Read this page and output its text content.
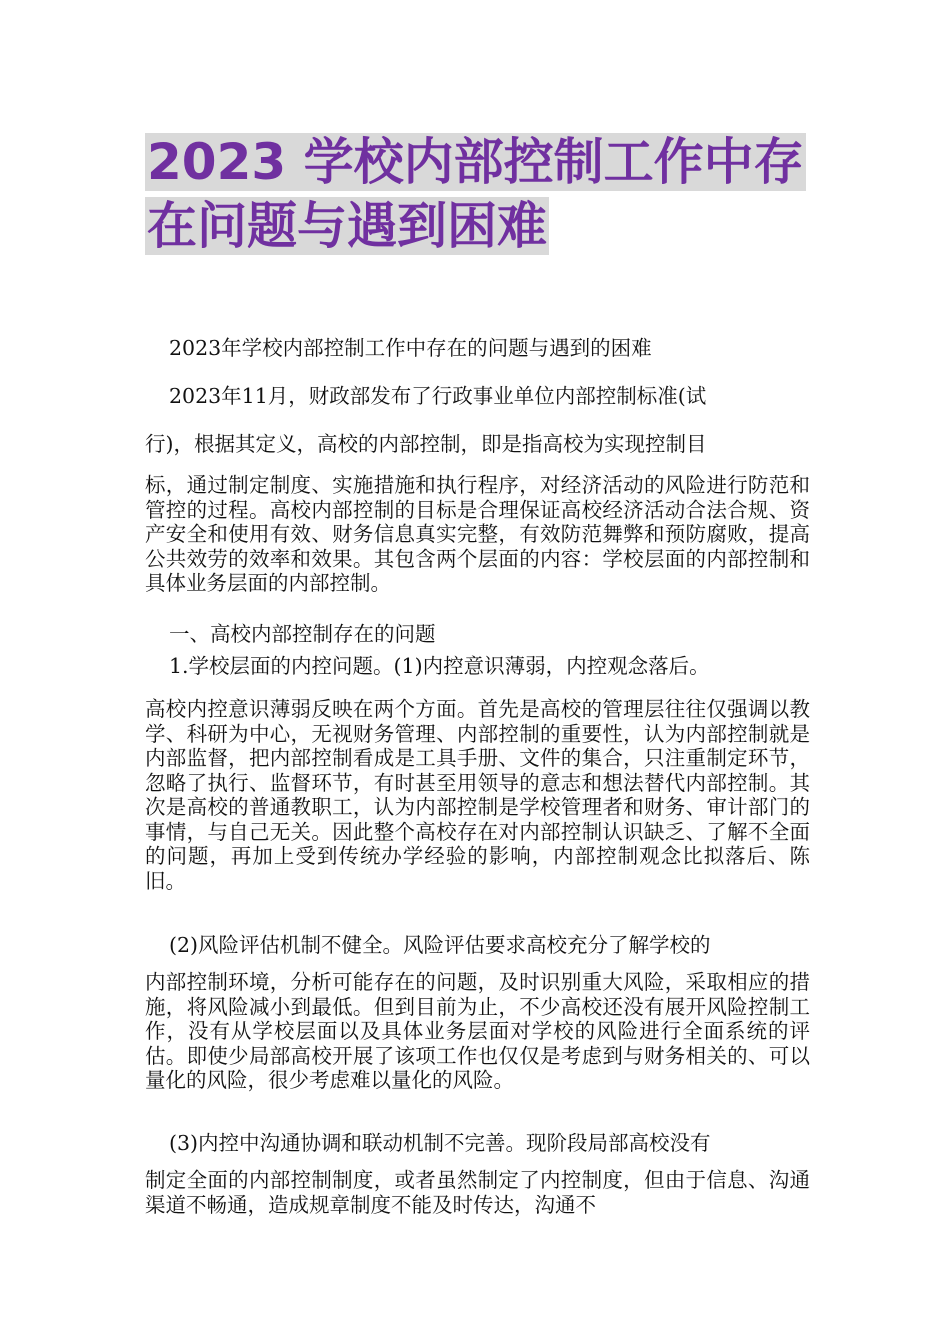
2023 学校内部控制工作中存在问题与遇到困难

2023年学校内部控制工作中存在的问题与遇到的困难

2023年11月，财政部发布了行政事业单位内部控制标准(试

行)，根据其定义，高校的内部控制，即是指高校为实现控制目

标，通过制定制度、实施措施和执行程序，对经济活动的风险进行防范和管控的过程。高校内部控制的目标是合理保证高校经济活动合法合规、资产安全和使用有效、财务信息真实完整，有效防范舞弊和预防腐败，提高公共效劳的效率和效果。其包含两个层面的内容：学校层面的内部控制和具体业务层面的内部控制。

一、高校内部控制存在的问题

1.学校层面的内控问题。(1)内控意识薄弱，内控观念落后。

高校内控意识薄弱反映在两个方面。首先是高校的管理层往往仅强调以教学、科研为中心，无视财务管理、内部控制的重要性，认为内部控制就是内部监督，把内部控制看成是工具手册、文件的集合，只注重制定环节，忽略了执行、监督环节，有时甚至用领导的意志和想法替代内部控制。其次是高校的普通教职工，认为内部控制是学校管理者和财务、审计部门的事情，与自己无关。因此整个高校存在对内部控制认识缺乏、了解不全面的问题，再加上受到传统办学经验的影响，内部控制观念比拟落后、陈旧。

(2)风险评估机制不健全。风险评估要求高校充分了解学校的

内部控制环境，分析可能存在的问题，及时识别重大风险，采取相应的措施，将风险减小到最低。但到目前为止，不少高校还没有展开风险控制工作，没有从学校层面以及具体业务层面对学校的风险进行全面系统的评估。即使少局部高校开展了该项工作也仅仅是考虑到与财务相关的、可以量化的风险，很少考虑难以量化的风险。

(3)内控中沟通协调和联动机制不完善。现阶段局部高校没有

制定全面的内部控制制度，或者虽然制定了内控制度，但由于信息、沟通渠道不畅通，造成规章制度不能及时传达，沟通不
